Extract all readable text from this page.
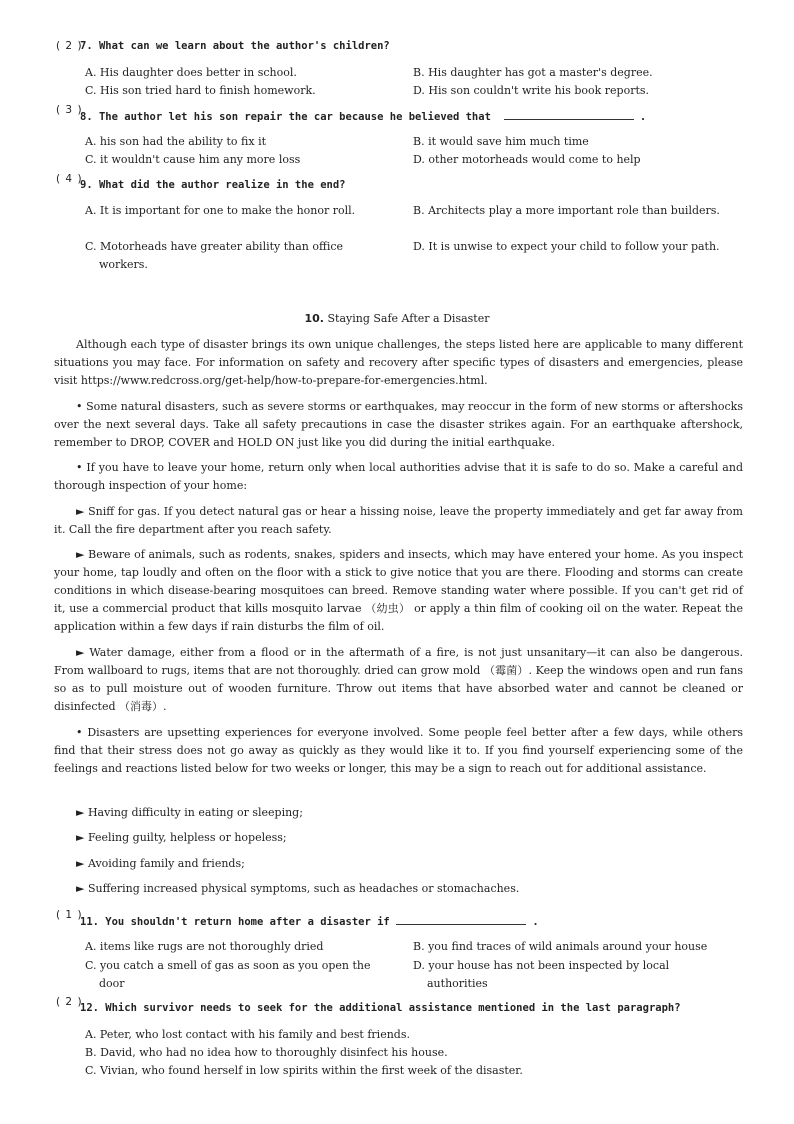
( 2 )
7. What can we learn about the author's children?
A. His daughter does better in school.	B. His daughter has got a master's degree.
C. His son tried hard to finish homework.	D. His son couldn't write his book reports.
( 3 )
8. The author let his son repair the car because he believed that	.
A. his son had the ability to fix it	B. it would save him much time
C. it wouldn't cause him any more loss	D. other motorheads would come to help
( 4 )
9. What did the author realize in the end?
A. It is important for one to make the honor roll.	B. Architects play a more important role than builders.
C. Motorheads have greater ability than office workers.
D. It is unwise to expect your child to follow your path.
10. Staying Safe After a Disaster

Although each type of disaster brings its own unique challenges, the steps listed here are applicable to many different situations you may face. For information on safety and recovery after specific types of disasters and emergencies, please visit https://www.redcross.org/get-help/how-to-prepare-for-emergencies.html.

• Some natural disasters, such as severe storms or earthquakes, may reoccur in the form of new storms or aftershocks over the next several days. Take all safety precautions in case the disaster strikes again. For an earthquake aftershock, remember to DROP, COVER and HOLD ON just like you did during the initial earthquake.

• If you have to leave your home, return only when local authorities advise that it is safe to do so. Make a careful and thorough inspection of your home:

► Sniff for gas. If you detect natural gas or hear a hissing noise, leave the property immediately and get far away from it. Call the fire department after you reach safety.

► Beware of animals, such as rodents, snakes, spiders and insects, which may have entered your home. As you inspect your home, tap loudly and often on the floor with a stick to give notice that you are there. Flooding and storms can create conditions in which disease-bearing mosquitoes can breed. Remove standing water where possible. If you can't get rid of it, use a commercial product that kills mosquito larvae （幼虫） or apply a thin film of cooking oil on the water. Repeat the application within a few days if rain disturbs the film of oil.

► Water damage, either from a flood or in the aftermath of a fire, is not just unsanitary—it can also be dangerous. From wallboard to rugs, items that are not thoroughly. dried can grow mold （霉菌）. Keep the windows open and run fans so as to pull moisture out of wooden furniture. Throw out items that have absorbed water and cannot be cleaned or disinfected （消毒）.

• Disasters are upsetting experiences for everyone involved. Some people feel better after a few days, while others find that their stress does not go away as quickly as they would like it to. If you find yourself experiencing some of the feelings and reactions listed below for two weeks or longer, this may be a sign to reach out for additional assistance.

► Having difficulty in eating or sleeping;
► Feeling guilty, helpless or hopeless;
► Avoiding family and friends;
► Suffering increased physical symptoms, such as headaches or stomachaches.
( 1 )
11. You shouldn't return home after a disaster if	.
A. items like rugs are not thoroughly dried	B. you find traces of wild animals around your house
C. you catch a smell of gas as soon as you open the door
D. your house has not been inspected by local authorities
( 2 )
12. Which survivor needs to seek for the additional assistance mentioned in the last paragraph?
A. Peter, who lost contact with his family and best friends.
B. David, who had no idea how to thoroughly disinfect his house.
C. Vivian, who found herself in low spirits within the first week of the disaster.
